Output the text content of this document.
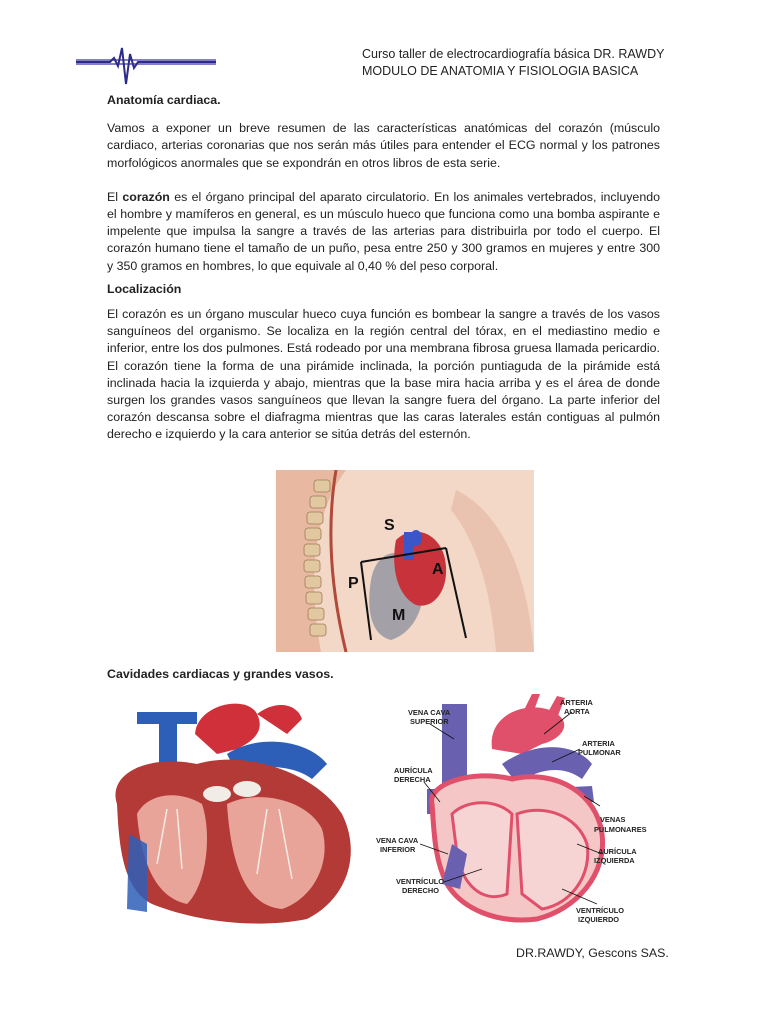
Curso taller de electrocardiografía básica DR. RAWDY
MODULO DE ANATOMIA Y FISIOLOGIA BASICA
Anatomía cardiaca.

Vamos a exponer un breve resumen de las características anatómicas del corazón (músculo cardiaco, arterias coronarias que nos serán más útiles para entender el ECG normal y los patrones morfológicos anormales que se expondrán en otros libros de esta serie.

El corazón es el órgano principal del aparato circulatorio. En los animales vertebrados, incluyendo el hombre y mamíferos en general, es un músculo hueco que funciona como una bomba aspirante e impelente que impulsa la sangre a través de las arterias para distribuirla por todo el cuerpo. El corazón humano tiene el tamaño de un puño, pesa entre 250 y 300 gramos en mujeres y entre 300 y 350 gramos en hombres, lo que equivale al 0,40 % del peso corporal.

Localización

El corazón es un órgano muscular hueco cuya función es bombear la sangre a través de los vasos sanguíneos del organismo. Se localiza en la región central del tórax, en el mediastino medio e inferior, entre los dos pulmones. Está rodeado por una membrana fibrosa gruesa llamada pericardio. El corazón tiene la forma de una pirámide inclinada, la porción puntiaguda de la pirámide está inclinada hacia la izquierda y abajo, mientras que la base mira hacia arriba y es el área de donde surgen los grandes vasos sanguíneos que llevan la sangre fuera del órgano. La parte inferior del corazón descansa sobre el diafragma mientras que las caras laterales están contiguas al pulmón derecho e izquierdo y la cara anterior se sitúa detrás del esternón.

S
A
P
M
Cavidades cardiacas y grandes vasos.
ARTERIA
AORTA
VENA CAVA
SUPERIOR
ARTERIA
PULMONAR
AURÍCULA
DERECHA
VENAS
PULMONARES
VENA CAVA
INFERIOR	AURÍCULA
IZQUIERDA
VENTRÍCULO
DERECHO
VENTRÍCULO
IZQUIERDO
DR.RAWDY, Gescons SAS.
